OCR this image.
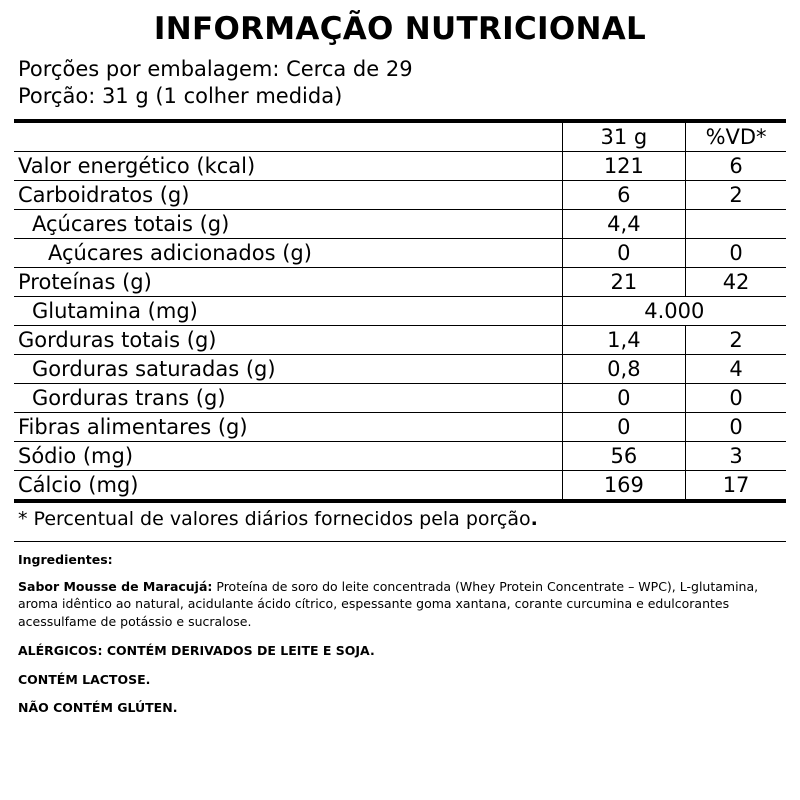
INFORMAÇÃO NUTRICIONAL
Porções por embalagem: Cerca de 29
Porção: 31 g (1 colher medida)
	31 g	%VD*
Valor energético (kcal)	121	6
Carboidratos (g)	6	2
Açúcares totais (g)	4,4	
Açúcares adicionados (g)	0	0
Proteínas (g)	21	42
Glutamina (mg)	4.000	
Gorduras totais (g)	1,4	2
Gorduras saturadas (g)	0,8	4
Gorduras trans (g)	0	0
Fibras alimentares (g)	0	0
Sódio (mg)	56	3
Cálcio (mg)	169	17
* Percentual de valores diários fornecidos pela porção.
Ingredientes:
Sabor Mousse de Maracujá: Proteína de soro do leite concentrada (Whey Protein Concentrate – WPC), L-glutamina, aroma idêntico ao natural, acidulante ácido cítrico, espessante goma xantana, corante curcumina e edulcorantes acessulfame de potássio e sucralose.
ALÉRGICOS: CONTÉM DERIVADOS DE LEITE E SOJA.
CONTÉM LACTOSE.
NÃO CONTÉM GLÚTEN.
